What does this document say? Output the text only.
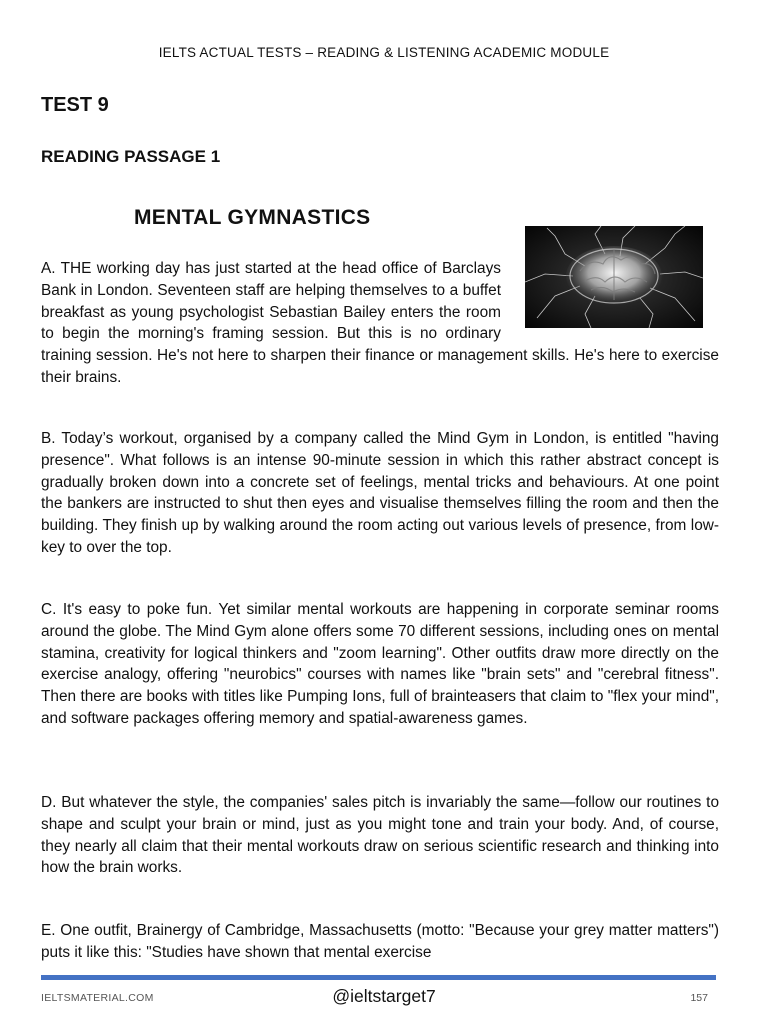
IELTS ACTUAL TESTS – READING & LISTENING ACADEMIC MODULE
TEST 9
READING PASSAGE 1
MENTAL GYMNASTICS
A. THE working day has just started at the head office of Barclays Bank in London. Seventeen staff are helping themselves to a buffet breakfast as young psychologist Sebastian Bailey enters the room to begin the morning's framing session. But this is no ordinary training session. He's not here to sharpen their finance or management skills. He's here to exercise their brains.

B. Today’s workout, organised by a company called the Mind Gym in London, is entitled "having presence". What follows is an intense 90-minute session in which this rather abstract concept is gradually broken down into a concrete set of feelings, mental tricks and behaviours. At one point the bankers are instructed to shut then eyes and visualise themselves filling the room and then the building. They finish up by walking around the room acting out various levels of presence, from low-key to over the top.

C. It's easy to poke fun. Yet similar mental workouts are happening in corporate seminar rooms around the globe. The Mind Gym alone offers some 70 different sessions, including ones on mental stamina, creativity for logical thinkers and "zoom learning". Other outfits draw more directly on the exercise analogy, offering "neurobics" courses with names like "brain sets" and "cerebral fitness". Then there are books with titles like Pumping Ions, full of brainteasers that claim to "flex your mind", and software packages offering memory and spatial-awareness games.

D. But whatever the style, the companies' sales pitch is invariably the same—follow our routines to shape and sculpt your brain or mind, just as you might tone and train your body. And, of course, they nearly all claim that their mental workouts draw on serious scientific research and thinking into how the brain works.

E. One outfit, Brainergy of Cambridge, Massachusetts (motto: "Because your grey matter matters") puts it like this: "Studies have shown that mental exercise

IELTSMATERIAL.COM	@ieltstarget7	157
